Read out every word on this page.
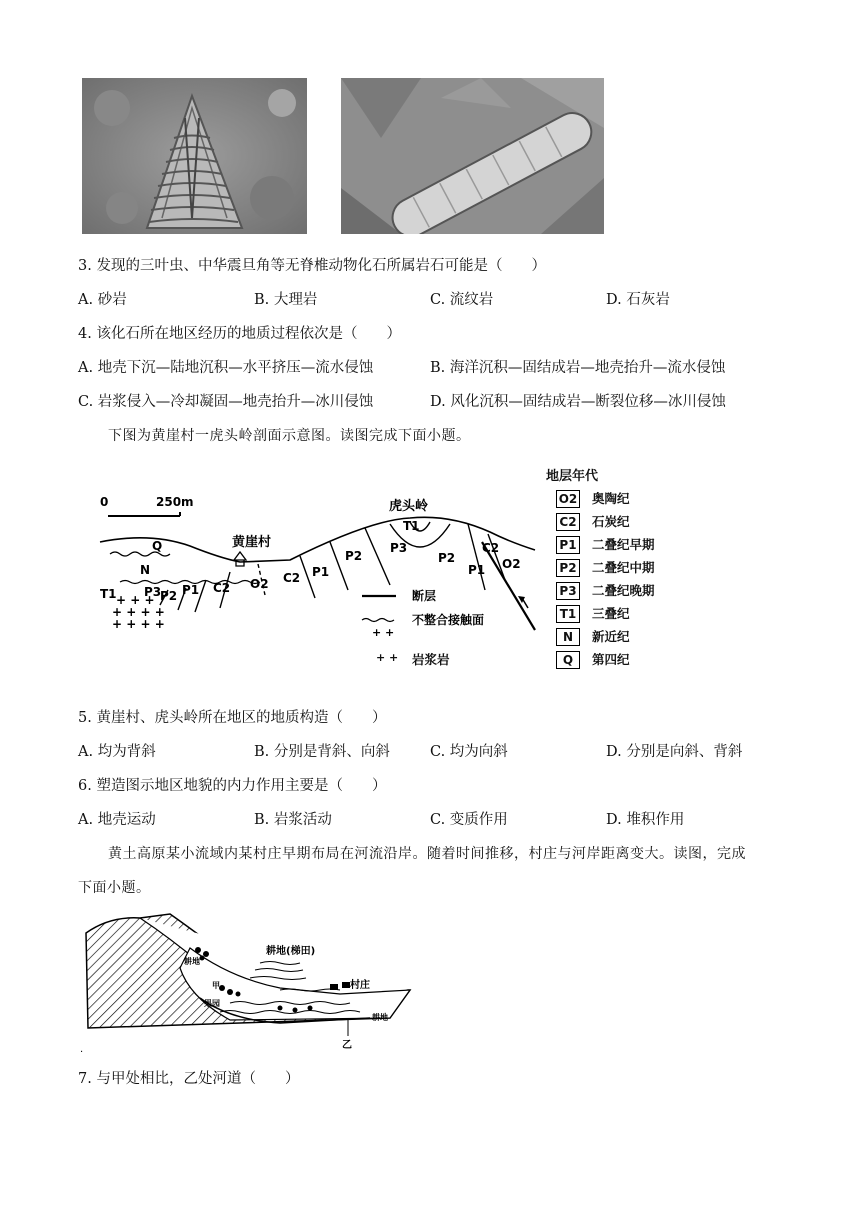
3. 发现的三叶虫、中华震旦角等无脊椎动物化石所属岩石可能是（　　）
A. 砂岩	B. 大理岩	C. 流纹岩	D. 石灰岩
4. 该化石所在地区经历的地质过程依次是（　　）
A. 地壳下沉—陆地沉积—水平挤压—流水侵蚀	B. 海洋沉积—固结成岩—地壳抬升—流水侵蚀
C. 岩浆侵入—冷却凝固—地壳抬升—冰川侵蚀	D. 风化沉积—固结成岩—断裂位移—冰川侵蚀
下图为黄崖村一虎头岭剖面示意图。读图完成下面小题。
0	250m
+ + +
+ + + +
+ + + +
虎头岭
黄崖村
Q
N
T1
T1
P3
P3
P2
P2	P2
P1
P1	P1
C2
C2
C2
O2
O2
断层
不整合接触面
+ +
+ + 岩浆岩
地层年代
O2 奥陶纪
C2 石炭纪
P1 二叠纪早期
P2 二叠纪中期
P3 二叠纪晚期
T1 三叠纪
N	新近纪
Q	第四纪
5. 黄崖村、虎头岭所在地区的地质构造（　　）
A. 均为背斜	B. 分别是背斜、向斜	C. 均为向斜	D. 分别是向斜、背斜
6. 塑造图示地区地貌的内力作用主要是（　　）
A. 地壳运动	B. 岩浆活动	C. 变质作用	D. 堆积作用
黄土高原某小流域内某村庄早期布局在河流沿岸。随着时间推移，村庄与河岸距离变大。读图，完成
下面小题。
耕地
甲
果园
耕地
耕地(梯田)
村庄
乙
.
7. 与甲处相比，乙处河道（　　）
